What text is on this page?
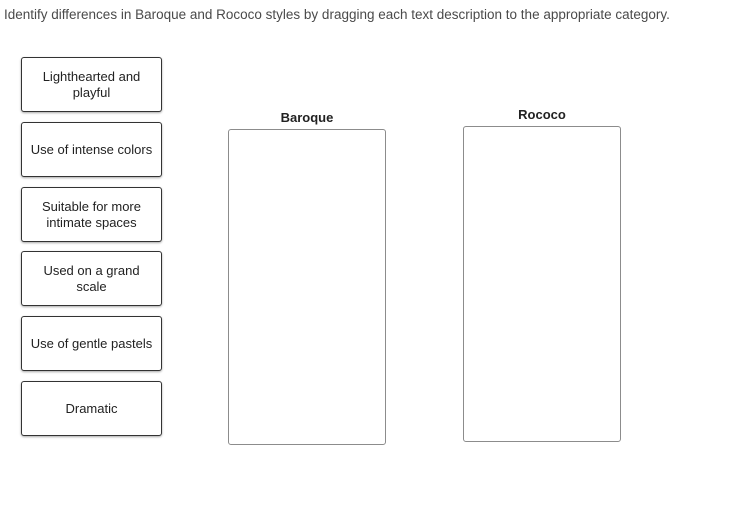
Identify differences in Baroque and Rococo styles by dragging each text description to the appropriate category.
Lighthearted and playful
Use of intense colors
Suitable for more intimate spaces
Used on a grand scale
Use of gentle pastels
Dramatic
Baroque	Rococo
